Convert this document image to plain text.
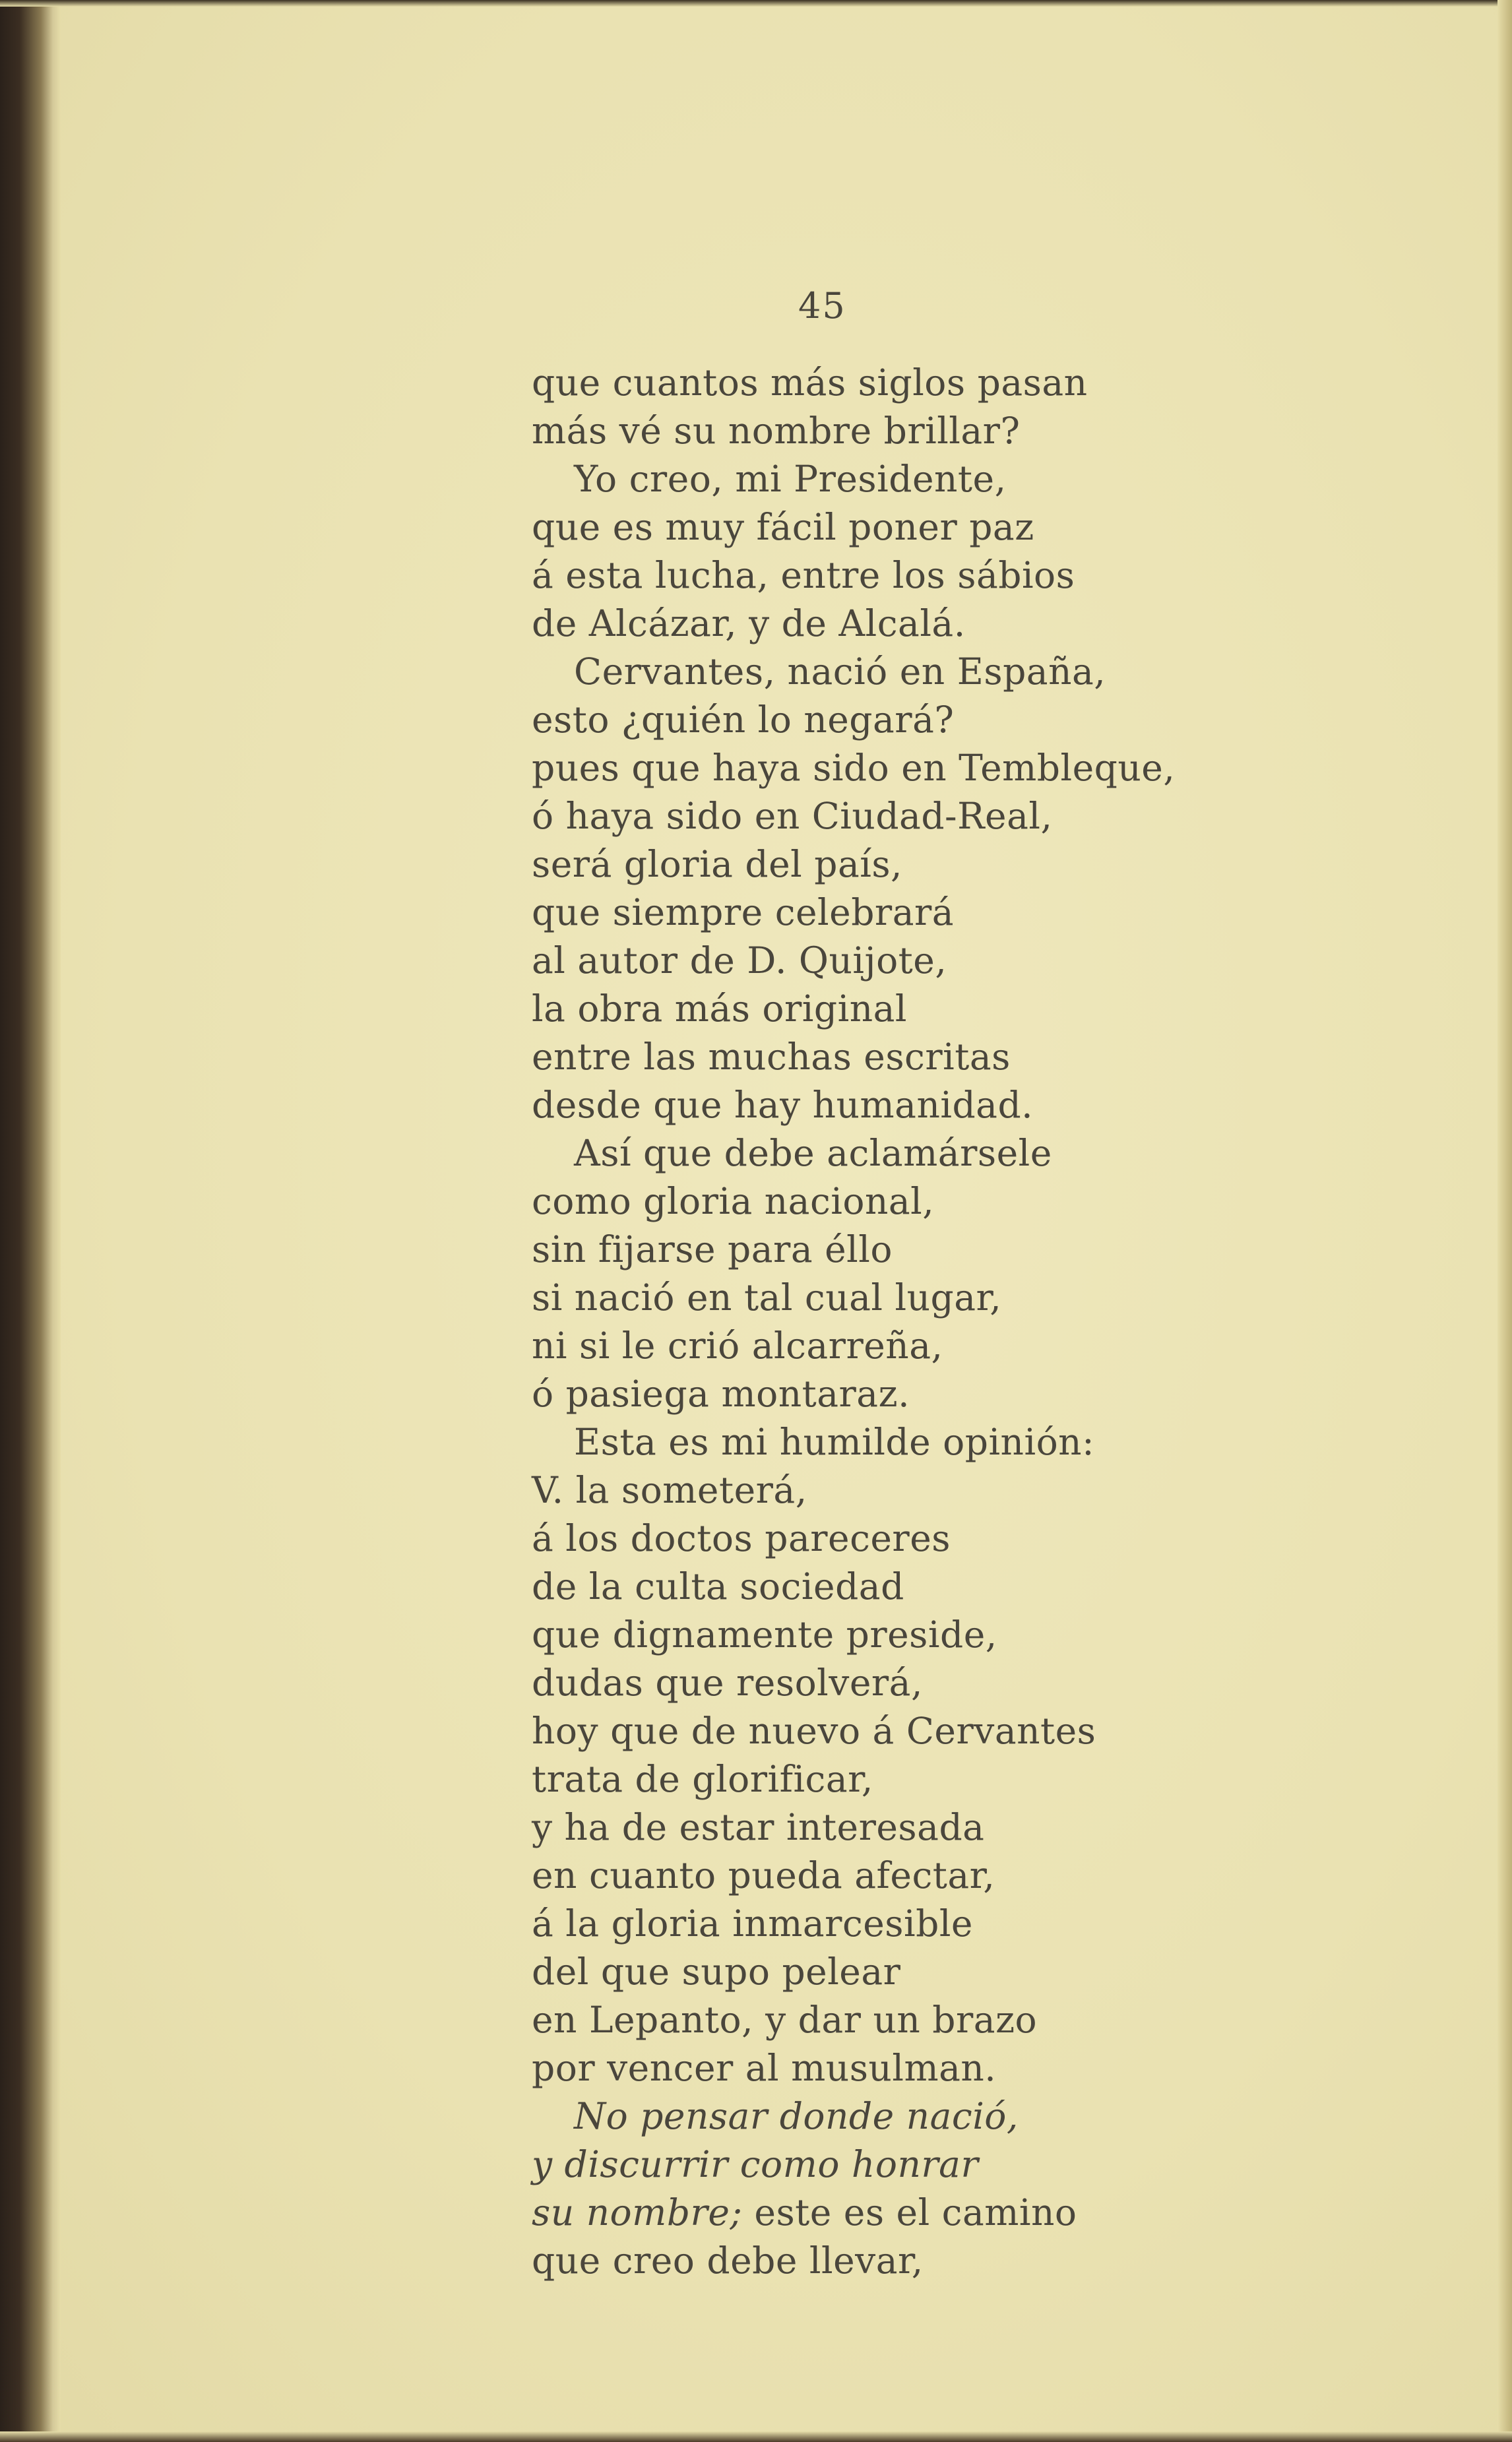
45
que cuantos más siglos pasan
más vé su nombre brillar?
Yo creo, mi Presidente,
que es muy fácil poner paz
á esta lucha, entre los sábios
de Alcázar, y de Alcalá.
Cervantes, nació en España,
esto ¿quién lo negará?
pues que haya sido en Tembleque,
ó haya sido en Ciudad-Real,
será gloria del país,
que siempre celebrará
al autor de D. Quijote,
la obra más original
entre las muchas escritas
desde que hay humanidad.
Así que debe aclamársele
como gloria nacional,
sin fijarse para éllo
si nació en tal cual lugar,
ni si le crió alcarreña,
ó pasiega montaraz.
Esta es mi humilde opinión:
V. la someterá,
á los doctos pareceres
de la culta sociedad
que dignamente preside,
dudas que resolverá,
hoy que de nuevo á Cervantes
trata de glorificar,
y ha de estar interesada
en cuanto pueda afectar,
á la gloria inmarcesible
del que supo pelear
en Lepanto, y dar un brazo
por vencer al musulman.
No pensar donde nació,
y discurrir como honrar
su nombre; este es el camino
que creo debe llevar,
